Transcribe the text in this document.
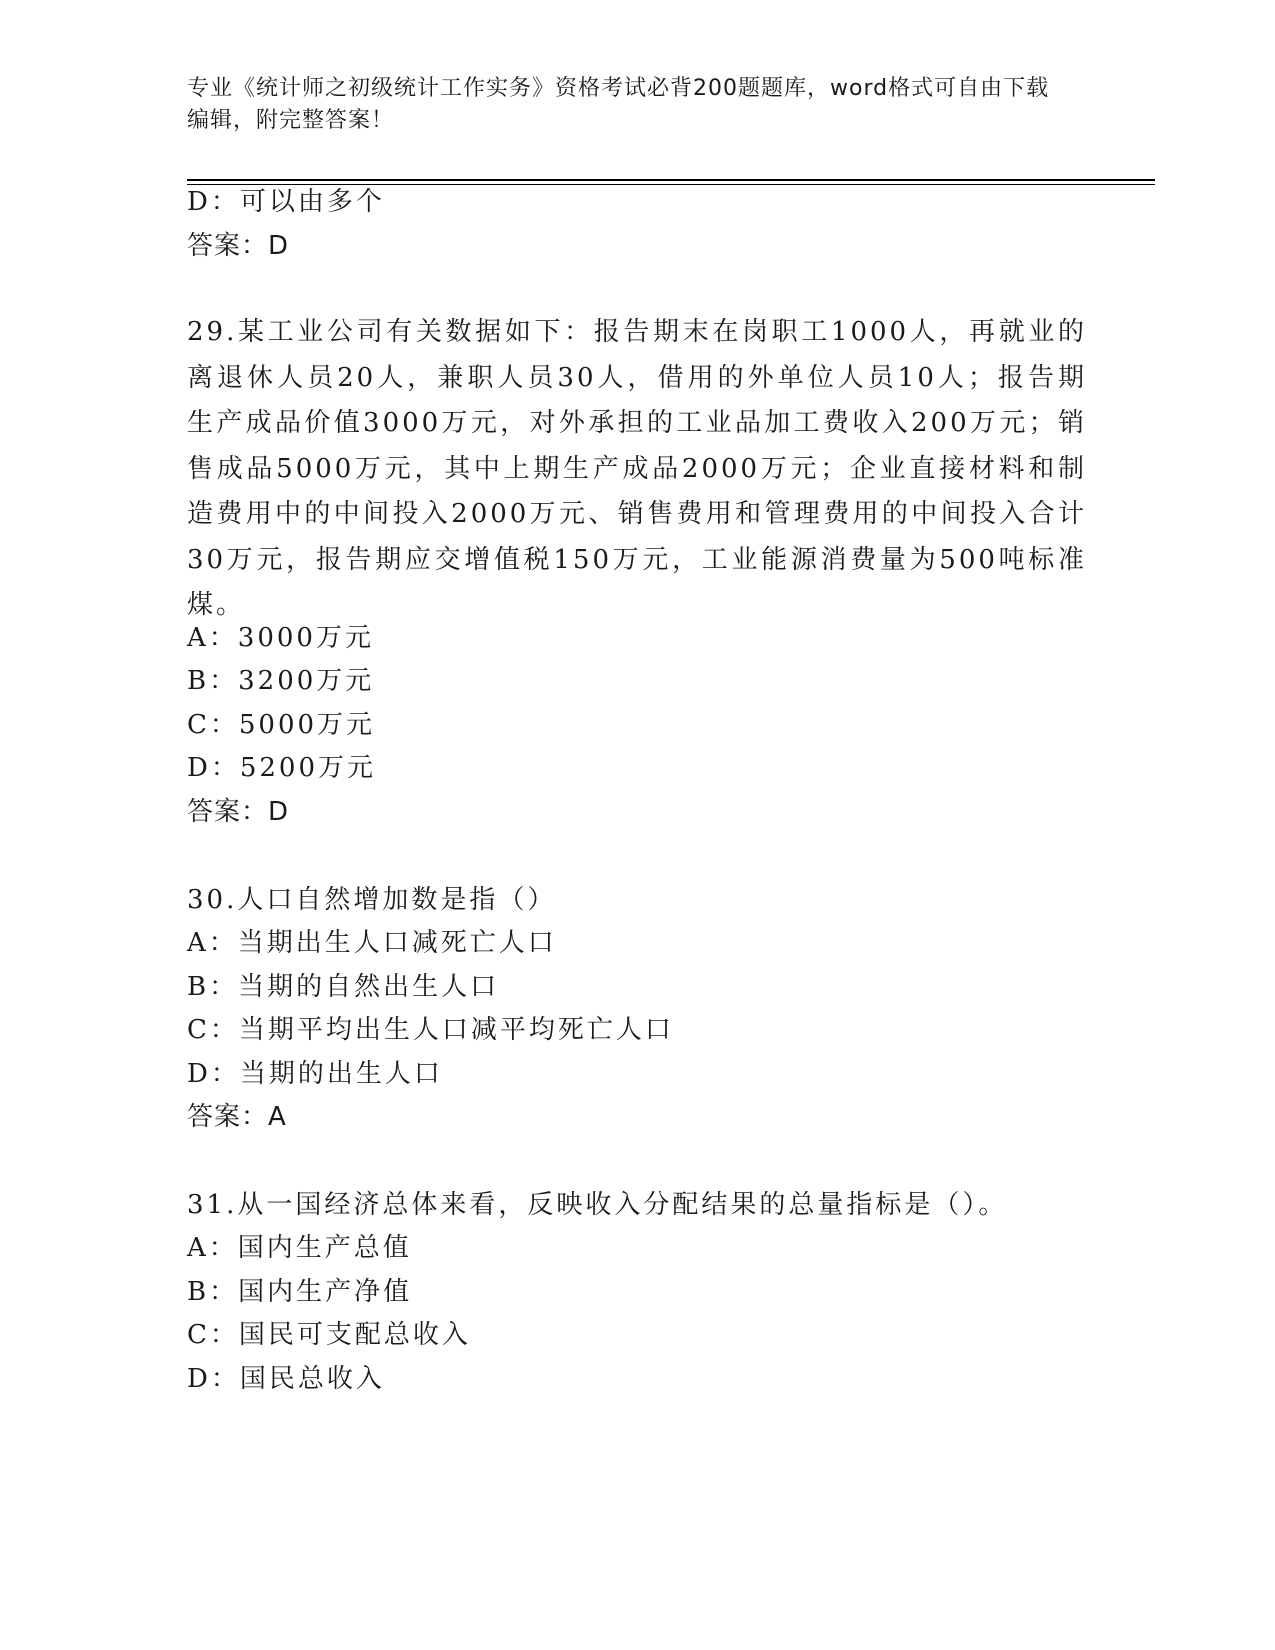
专业《统计师之初级统计工作实务》资格考试必背200题题库，word格式可自由下载编辑，附完整答案！
D：可以由多个
答案：D
29.某工业公司有关数据如下：报告期末在岗职工1000人，再就业的离退休人员20人，兼职人员30人，借用的外单位人员10人；报告期生产成品价值3000万元，对外承担的工业品加工费收入200万元；销售成品5000万元，其中上期生产成品2000万元；企业直接材料和制造费用中的中间投入2000万元、销售费用和管理费用的中间投入合计30万元，报告期应交增值税150万元，工业能源消费量为500吨标准煤。
A：3000万元
B：3200万元
C：5000万元
D：5200万元
答案：D
30.人口自然增加数是指（）
A：当期出生人口减死亡人口
B：当期的自然出生人口
C：当期平均出生人口减平均死亡人口
D：当期的出生人口
答案：A
31.从一国经济总体来看，反映收入分配结果的总量指标是（）。
A：国内生产总值
B：国内生产净值
C：国民可支配总收入
D：国民总收入
